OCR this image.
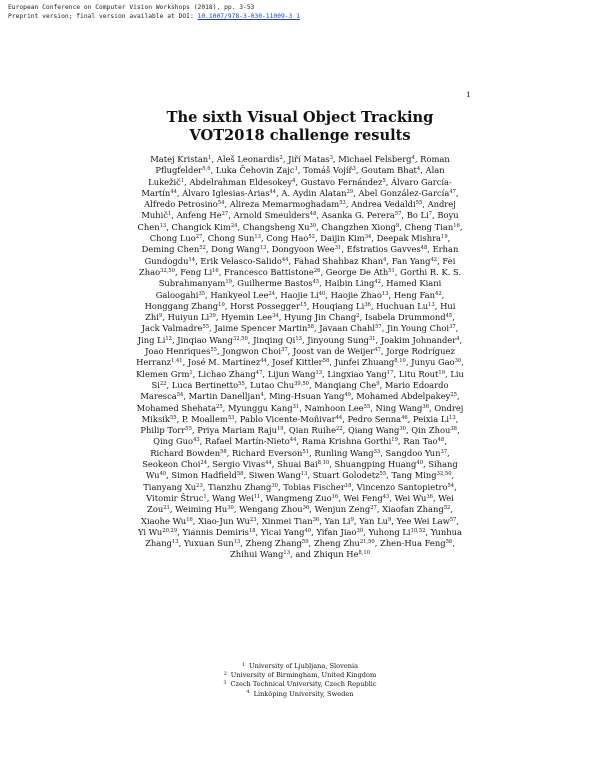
European Conference on Computer Vision Workshops (2018), pp. 3-53
Preprint version; final version available at DOI: 10.1007/978-3-030-11009-3_1
1
The sixth Visual Object Tracking
VOT2018 challenge results
Matej Kristan$^1$, Aleš Leonardis$^2$, Jiří Matas$^3$, Michael Felsberg$^4$, Roman Pflugfelder$^{5,6}$, Luka Čehovin Zajc$^1$, Tomáš Vojíř$^3$, Goutam Bhat$^4$, Alan Lukežič$^1$, Abdelrahman Eldesokey$^4$, Gustavo Fernández$^5$, Álvaro García-Martín$^{44}$, Álvaro Iglesias-Arias$^{44}$, A. Aydin Alatan$^{29}$, Abel González-García$^{47}$, Alfredo Petrosino$^{54}$, Alireza Memarmoghadam$^{53}$, Andrea Vedaldi$^{55}$, Andrej Muhič$^1$, Anfeng He$^{27}$, Arnold Smeulders$^{48}$, Asanka G. Perera$^{57}$, Bo Li$^7$, Boyu Chen$^{13}$, Changick Kim$^{24}$, Changsheng Xu$^{30}$, Changzhen Xiong$^9$, Cheng Tian$^{16}$, Chong Luo$^{27}$, Chong Sun$^{13}$, Cong Hao$^{52}$, Daijin Kim$^{34}$, Deepak Mishra$^{19}$, Deming Chen$^{52}$, Dong Wang$^{13}$, Dongyoon Wee$^{31}$, Efstratios Gavves$^{48}$, Erhan Gundogdu$^{14}$, Erik Velasco-Salido$^{44}$, Fahad Shahbaz Khan$^4$, Fan Yang$^{42}$, Fei Zhao$^{32,50}$, Feng Li$^{16}$, Francesco Battistone$^{26}$, George De Ath$^{51}$, Gorthi R. K. S. Subrahmanyam$^{19}$, Guilherme Bastos$^{45}$, Haibin Ling$^{42}$, Hamed Kiani Galoogahi$^{35}$, Hankyeol Lee$^{24}$, Haojie Li$^{40}$, Haojie Zhao$^{13}$, Heng Fan$^{42}$, Honggang Zhang$^{10}$, Horst Possegger$^{15}$, Houqiang Li$^{36}$, Huchuan Lu$^{13}$, Hui Zhi$^9$, Huiyun Li$^{39}$, Hyemin Lee$^{34}$, Hyung Jin Chang$^2$, Isabela Drummond$^{45}$, Jack Valmadre$^{55}$, Jaime Spencer Martin$^{58}$, Javaan Chahl$^{57}$, Jin Young Choi$^{37}$, Jing Li$^{12}$, Jinqiao Wang$^{32,50}$, Jinqing Qi$^{13}$, Jinyoung Sung$^{31}$, Joakim Johnander$^4$, Joao Henriques$^{55}$, Jongwon Choi$^{37}$, Joost van de Weijer$^{47}$, Jorge Rodríguez Herranz$^{1,41}$, José M. Martínez$^{44}$, Josef Kittler$^{58}$, Junfei Zhuang$^{8,10}$, Junyu Gao$^{30}$, Klemen Grm$^1$, Lichao Zhang$^{47}$, Lijun Wang$^{13}$, Lingxiao Yang$^{17}$, Litu Rout$^{19}$, Liu Si$^{22}$, Luca Bertinetto$^{55}$, Lutao Chu$^{39,50}$, Manqiang Che$^9$, Mario Edoardo Maresca$^{54}$, Martin Danelljan$^4$, Ming-Hsuan Yang$^{49}$, Mohamed Abdelpakey$^{25}$, Mohamed Shehata$^{25}$, Myunggu Kang$^{31}$, Namhoon Lee$^{55}$, Ning Wang$^{36}$, Ondrej Miksik$^{55}$, P. Moallem$^{53}$, Pablo Vicente-Moñivar$^{44}$, Pedro Senna$^{46}$, Peixia Li$^{13}$, Philip Torr$^{55}$, Priya Mariam Raju$^{19}$, Qian Ruihe$^{22}$, Qiang Wang$^{30}$, Qin Zhou$^{38}$, Qing Guo$^{43}$, Rafael Martín-Nieto$^{44}$, Rama Krishna Gorthi$^{19}$, Ran Tao$^{48}$, Richard Bowden$^{58}$, Richard Everson$^{51}$, Runling Wang$^{33}$, Sangdoo Yun$^{37}$, Seokeon Choi$^{24}$, Sergio Vivas$^{44}$, Shuai Bai$^{8,10}$, Shuangping Huang$^{40}$, Sihang Wu$^{40}$, Simon Hadfield$^{58}$, Siwen Wang$^{13}$, Stuart Golodetz$^{55}$, Tang Ming$^{32,50}$, Tianyang Xu$^{23}$, Tianzhu Zhang$^{30}$, Tobias Fischer$^{18}$, Vincenzo Santopietro$^{54}$, Vitomir Štruc$^1$, Wang Wei$^{11}$, Wangmeng Zuo$^{16}$, Wei Feng$^{43}$, Wei Wu$^{36}$, Wei Zou$^{21}$, Weiming Hu$^{30}$, Wengang Zhou$^{36}$, Wenjun Zeng$^{27}$, Xiaofan Zhang$^{52}$, Xiaohe Wu$^{16}$, Xiao-Jun Wu$^{23}$, Xinmei Tian$^{36}$, Yan Li$^9$, Yan Lu$^9$, Yee Wei Law$^{57}$, Yi Wu$^{20,29}$, Yiannis Demiris$^{18}$, Yicai Yang$^{40}$, Yifan Jiao$^{30}$, Yuhong Li$^{10,52}$, Yunhua Zhang$^{13}$, Yuxuan Sun$^{13}$, Zheng Zhang$^{59}$, Zheng Zhu$^{21,50}$, Zhen-Hua Feng$^{58}$, Zhihui Wang$^{13}$, and Zhiqun He$^{8,10}$
$^1$ University of Ljubljana, Slovenia
$^2$ University of Birmingham, United Kingdom
$^3$ Czech Technical University, Czech Republic
$^4$ Linköping University, Sweden
